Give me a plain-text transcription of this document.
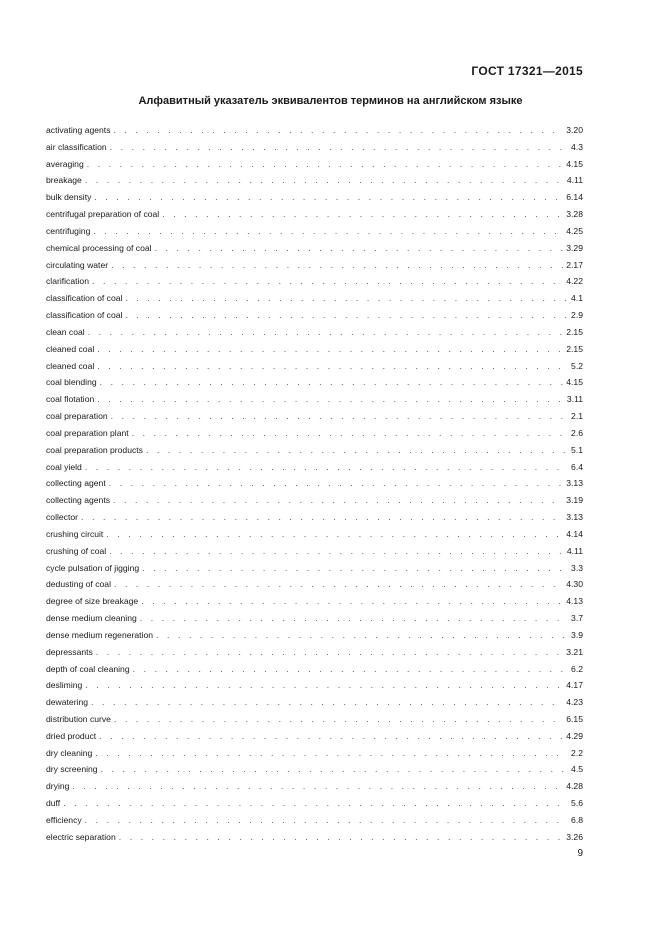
ГОСТ 17321—2015
Алфавитный указатель эквивалентов терминов на английском языке
activating agents . . .	3.20
air classification . . .	4.3
averaging . . .	4.15
breakage . . .	4.11
bulk density . . .	6.14
centrifugal preparation of coal . . .	3.28
centrifuging . . .	4.25
chemical processing of coal . . .	3.29
circulating water . . .	2.17
clarification . . .	4.22
classification of coal . . .	4.1
classification of coal . . .	2.9
clean coal . . .	2.15
cleaned coal . . .	2.15
cleaned coal . . .	5.2
coal blending . . .	4.15
coal flotation . . .	3.11
coal preparation . . .	2.1
coal preparation plant . . .	2.6
coal preparation products . . .	5.1
coal yield . . .	6.4
collecting agent . . .	3.13
collecting agents . . .	3.19
collector . . .	3.13
crushing circuit . . .	4.14
crushing of coal . . .	4.11
cycle pulsation of jigging . . .	3.3
dedusting of coal . . .	4.30
degree of size breakage . . .	4.13
dense medium cleaning . . .	3.7
dense medium regeneration . . .	3.9
depressants . . .	3.21
depth of coal cleaning . . .	6.2
desliming . . .	4.17
dewatering . . .	4.23
distribution curve . . .	6.15
dried product . . .	4.29
dry cleaning . . .	2.2
dry screening . . .	4.5
drying . . .	4.28
duff . . .	5.6
efficiency . . .	6.8
electric separation . . .	3.26
9
